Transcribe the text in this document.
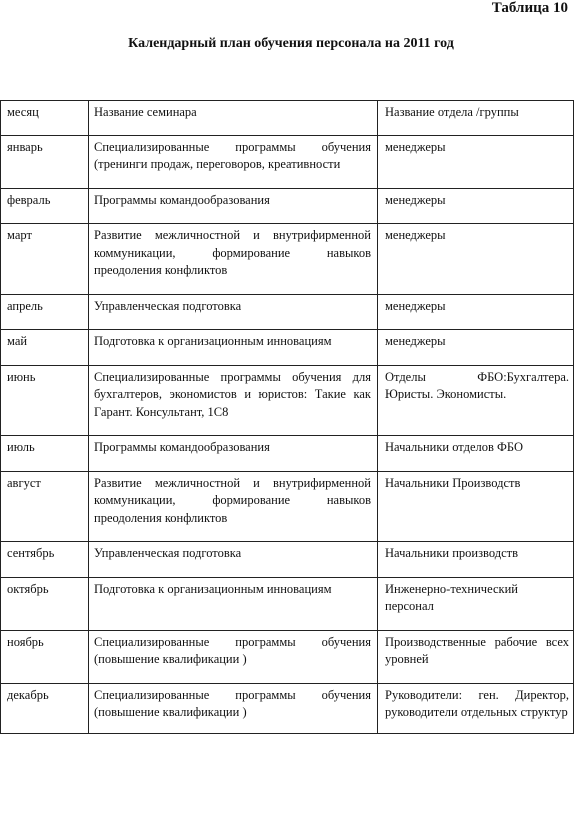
Таблица 10

Календарный план обучения персонала на 2011 год
месяц	Название семинара	Название отдела /группы
январь	Специализированные программы обучения (тренинги продаж, переговоров, креативности	менеджеры
февраль	Программы командообразования	менеджеры
март	Развитие межличностной и внутрифирменной коммуникации, формирование навыков преодоления конфликтов	менеджеры
апрель	Управленческая подготовка	менеджеры
май	Подготовка к организационным инновациям	менеджеры
июнь	Специализированные программы обучения для бухгалтеров, экономистов и юристов: Такие как Гарант. Консультант, 1С8	Отделы ФБО:Бухгалтера. Юристы. Экономисты.
июль	Программы командообразования	Начальники отделов ФБО
август	Развитие межличностной и внутрифирменной коммуникации, формирование навыков преодоления конфликтов	Начальники Производств
сентябрь	Управленческая подготовка	Начальники производств
октябрь	Подготовка к организационным инновациям	Инженерно-технический персонал
ноябрь	Специализированные программы обучения (повышение квалификации )	Производственные рабочие всех уровней
декабрь	Специализированные программы обучения (повышение квалификации )	Руководители: ген. Директор, руководители отдельных структур
